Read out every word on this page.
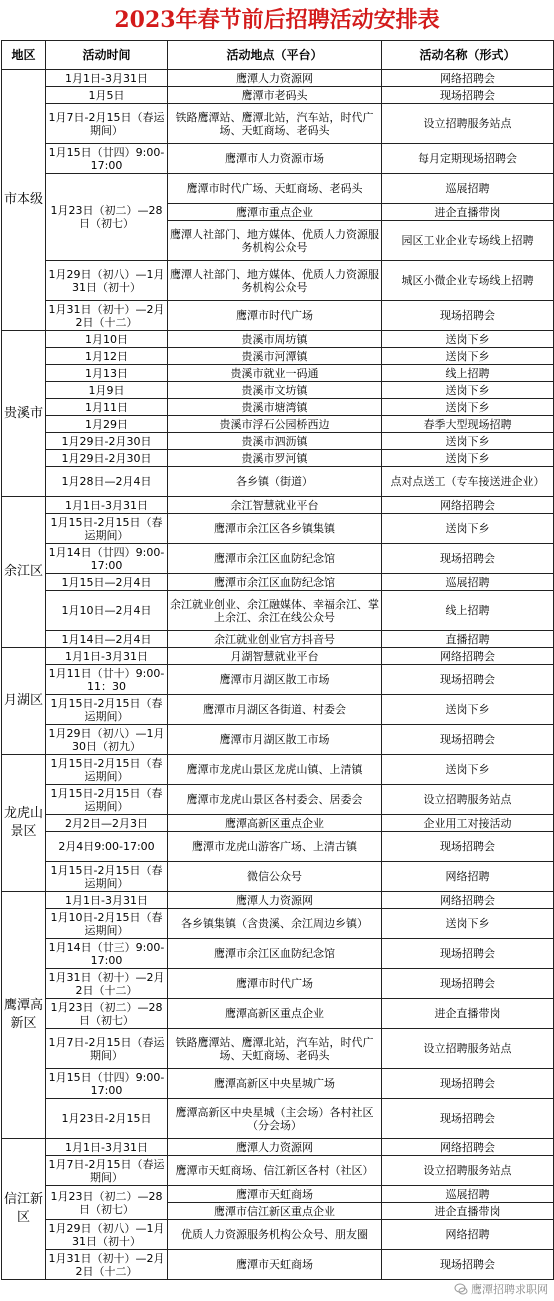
2023年春节前后招聘活动安排表
地区	活动时间	活动地点（平台）	活动名称（形式）
市本级	1月1日-3月31日	鹰潭人力资源网	网络招聘会
	1月5日	鹰潭市老码头	现场招聘会
	1月7日-2月15日（春运期间）	铁路鹰潭站、鹰潭北站，汽车站，时代广场、天虹商场、老码头	设立招聘服务站点
	1月15日（廿四）9:00-17:00	鹰潭市人力资源市场	每月定期现场招聘会
	1月23日（初二）—28日（初七）	鹰潭市时代广场、天虹商场、老码头	巡展招聘
		鹰潭市重点企业	进企直播带岗
		鹰潭人社部门、地方媒体、优质人力资源服务机构公众号	园区工业企业专场线上招聘
	1月29日（初八）—1月31日（初十）	鹰潭人社部门、地方媒体、优质人力资源服务机构公众号	城区小微企业专场线上招聘
	1月31日（初十）—2月2日（十二）	鹰潭市时代广场	现场招聘会
贵溪市	1月10日	贵溪市周坊镇	送岗下乡
	1月12日	贵溪市河潭镇	送岗下乡
	1月13日	贵溪市就业一码通	线上招聘
	1月9日	贵溪市文坊镇	送岗下乡
	1月11日	贵溪市塘湾镇	送岗下乡
	1月29日	贵溪市浮石公园桥西边	春季大型现场招聘
	1月29日-2月30日	贵溪市泗沥镇	送岗下乡
	1月29日-2月30日	贵溪市罗河镇	送岗下乡
	1月28日—2月4日	各乡镇（街道）	点对点送工（专车接送进企业）
余江区	1月1日-3月31日	余江智慧就业平台	网络招聘会
	1月15日-2月15日（春运期间）	鹰潭市余江区各乡镇集镇	送岗下乡
	1月14日（廿四）9:00-17:00	鹰潭市余江区血防纪念馆	现场招聘会
	1月15日—2月4日	鹰潭市余江区血防纪念馆	巡展招聘
	1月10日—2月4日	余江就业创业、余江融媒体、幸福余江、掌上余江、余江在线公众号	线上招聘
	1月14日—2月4日	余江就业创业官方抖音号	直播招聘
月湖区	1月1日-3月31日	月湖智慧就业平台	网络招聘会
	1月11日（廿十）9:00-11：30	鹰潭市月湖区散工市场	现场招聘会
	1月15日-2月15日（春运期间）	鹰潭市月湖区各街道、村委会	送岗下乡
	1月29日（初八）—1月30日（初九）	鹰潭市月湖区散工市场	现场招聘会
龙虎山景区	1月15日-2月15日（春运期间）	鹰潭市龙虎山景区龙虎山镇、上清镇	送岗下乡
	1月15日-2月15日（春运期间）	鹰潭市龙虎山景区各村委会、居委会	设立招聘服务站点
	2月2日—2月3日	鹰潭高新区重点企业	企业用工对接活动
	2月4日9:00-17:00	鹰潭市龙虎山游客广场、上清古镇	现场招聘会
	1月15日-2月15日（春运期间）	微信公众号	网络招聘
鹰潭高新区	1月1日-3月31日	鹰潭人力资源网	网络招聘会
	1月10日-2月15日（春运期间）	各乡镇集镇（含贵溪、余江周边乡镇）	送岗下乡
	1月14日（廿三）9:00-17:00	鹰潭市余江区血防纪念馆	现场招聘会
	1月31日（初十）—2月2日（十二）	鹰潭市时代广场	现场招聘会
	1月23日（初二）—28日（初七）	鹰潭高新区重点企业	进企直播带岗
	1月7日-2月15日（春运期间）	铁路鹰潭站、鹰潭北站，汽车站，时代广场、天虹商场、老码头	设立招聘服务站点
	1月15日（廿四）9:00-17:00	鹰潭高新区中央星城广场	现场招聘会
	1月23日-2月15日	鹰潭高新区中央星城（主会场）各村社区（分会场）	现场招聘会
信江新区	1月1日-3月31日	鹰潭人力资源网	网络招聘会
	1月7日-2月15日（春运期间）	鹰潭市天虹商场、信江新区各村（社区）	设立招聘服务站点
	1月23日（初二）—28日（初七）	鹰潭市天虹商场	巡展招聘
		鹰潭市信江新区重点企业	进企直播带岗
	1月29日（初八）—1月31日（初十）	优质人力资源服务机构公众号、朋友圈	网络招聘
	1月31日（初十）—2月2日（十二）	鹰潭市天虹商场	现场招聘会
鹰潭招聘求职网
